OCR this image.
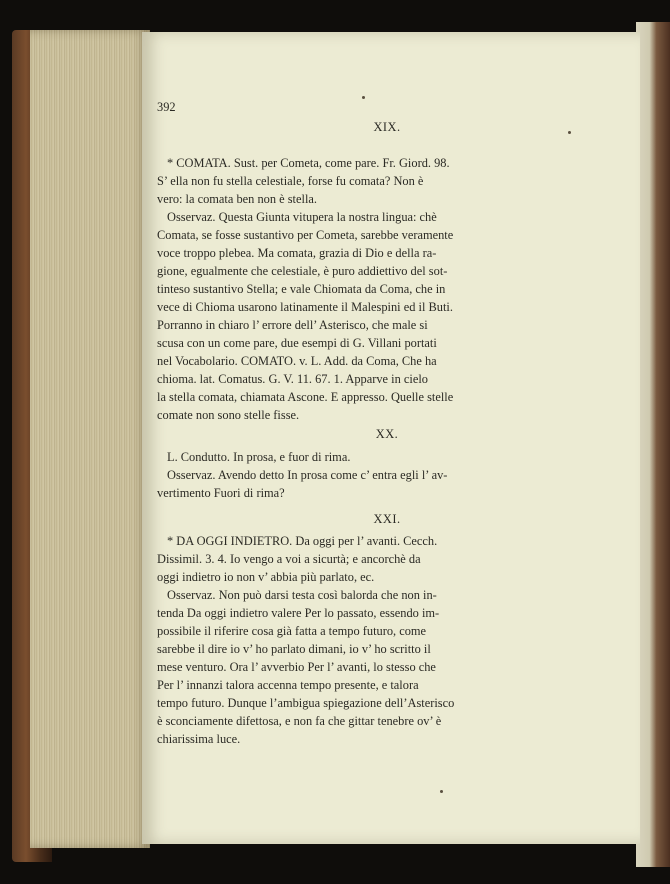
392
XIX.
* COMATA. Sust. per Cometa, come pare. Fr. Giord. 98.
S’ ella non fu stella celestiale, forse fu comata? Non è
vero: la comata ben non è stella.
Osservaz. Questa Giunta vitupera la nostra lingua: chè
Comata, se fosse sustantivo per Cometa, sarebbe veramente
voce troppo plebea. Ma comata, grazia di Dio e della ra-
gione, egualmente che celestiale, è puro addiettivo del sot-
tinteso sustantivo Stella; e vale Chiomata da Coma, che in
vece di Chioma usarono latinamente il Malespini ed il Buti.
Porranno in chiaro l’ errore dell’ Asterisco, che male si
scusa con un come pare, due esempi di G. Villani portati
nel Vocabolario. COMATO. v. L. Add. da Coma, Che ha
chioma. lat. Comatus. G. V. 11. 67. 1. Apparve in cielo
la stella comata, chiamata Ascone. E appresso. Quelle stelle
comate non sono stelle fisse.
XX.
L. Condutto. In prosa, e fuor di rima.
Osservaz. Avendo detto In prosa come c’ entra egli l’ av-
vertimento Fuori di rima?
XXI.
* DA OGGI INDIETRO. Da oggi per l’ avanti. Cecch.
Dissimil. 3. 4. Io vengo a voi a sicurtà; e ancorchè da
oggi indietro io non v’ abbia più parlato, ec.
Osservaz. Non può darsi testa così balorda che non in-
tenda Da oggi indietro valere Per lo passato, essendo im-
possibile il riferire cosa già fatta a tempo futuro, come
sarebbe il dire io v’ ho parlato dimani, io v’ ho scritto il
mese venturo. Ora l’ avverbio Per l’ avanti, lo stesso che
Per l’ innanzi talora accenna tempo presente, e talora
tempo futuro. Dunque l’ambigua spiegazione dell’Asterisco
è sconciamente difettosa, e non fa che gittar tenebre ov’ è
chiarissima luce.
